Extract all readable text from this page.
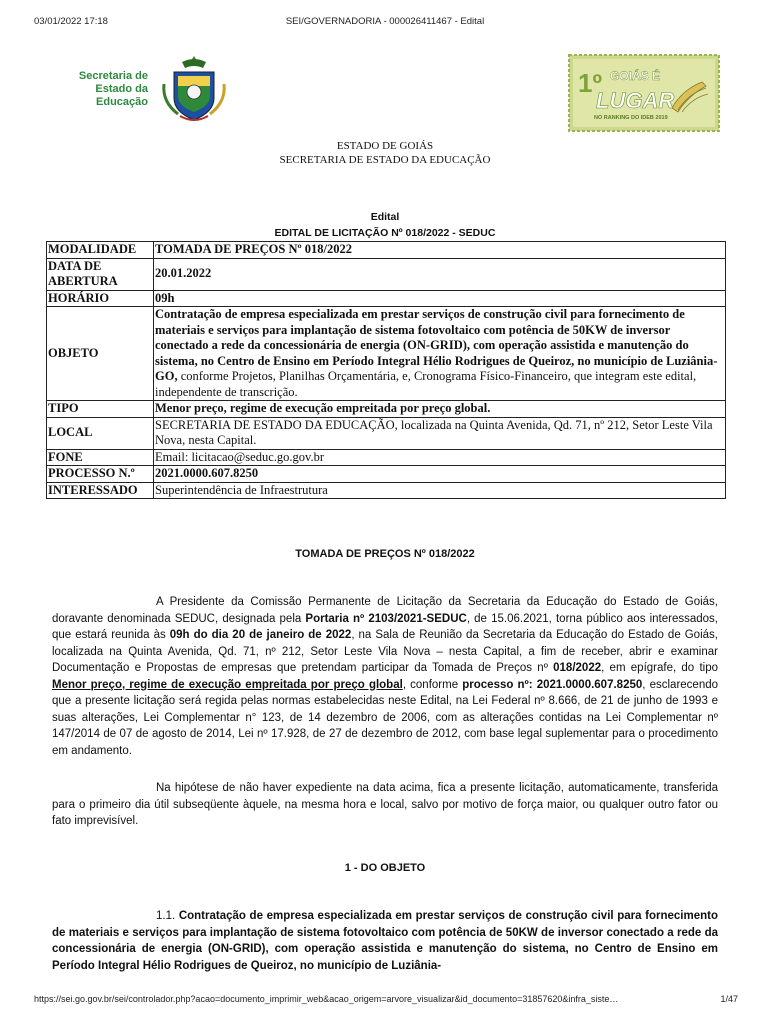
03/01/2022 17:18	SEI/GOVERNADORIA - 000026411467 - Edital
Secretaria de
Estado da
Educação
1º GOIÁS É
LUGAR
NO RANKING DO IDEB 2019
ESTADO DE GOIÁS
SECRETARIA DE ESTADO DA EDUCAÇÃO
Edital
EDITAL DE LICITAÇÃO Nº 018/2022 - SEDUC
MODALIDADE	TOMADA DE PREÇOS Nº 018/2022
DATA DE ABERTURA	20.01.2022
HORÁRIO	09h
OBJETO	Contratação de empresa especializada em prestar serviços de construção civil para fornecimento de materiais e serviços para implantação de sistema fotovoltaico com potência de 50KW de inversor conectado a rede da concessionária de energia (ON-GRID), com operação assistida e manutenção do sistema, no Centro de Ensino em Período Integral Hélio Rodrigues de Queiroz, no município de Luziânia-GO, conforme Projetos, Planilhas Orçamentária, e, Cronograma Físico-Financeiro, que integram este edital, independente de transcrição.
TIPO	Menor preço, regime de execução empreitada por preço global.
LOCAL	SECRETARIA DE ESTADO DA EDUCAÇÃO, localizada na Quinta Avenida, Qd. 71, nº 212, Setor Leste Vila Nova, nesta Capital.
FONE	Email: licitacao@seduc.go.gov.br
PROCESSO N.º	2021.0000.607.8250
INTERESSADO	Superintendência de Infraestrutura
TOMADA DE PREÇOS Nº 018/2022

A Presidente da Comissão Permanente de Licitação da Secretaria da Educação do Estado de Goiás, doravante denominada SEDUC, designada pela Portaria nº 2103/2021-SEDUC, de 15.06.2021, torna público aos interessados, que estará reunida às 09h do dia 20 de janeiro de 2022, na Sala de Reunião da Secretaria da Educação do Estado de Goiás, localizada na Quinta Avenida, Qd. 71, nº 212, Setor Leste Vila Nova – nesta Capital, a fim de receber, abrir e examinar Documentação e Propostas de empresas que pretendam participar da Tomada de Preços nº 018/2022, em epígrafe, do tipo Menor preço, regime de execução empreitada por preço global, conforme processo nº: 2021.0000.607.8250, esclarecendo que a presente licitação será regida pelas normas estabelecidas neste Edital, na Lei Federal nº 8.666, de 21 de junho de 1993 e suas alterações, Lei Complementar n° 123, de 14 dezembro de 2006, com as alterações contidas na Lei Complementar nº 147/2014 de 07 de agosto de 2014, Lei nº 17.928, de 27 de dezembro de 2012, com base legal suplementar para o procedimento em andamento.

Na hipótese de não haver expediente na data acima, fica a presente licitação, automaticamente, transferida para o primeiro dia útil subseqüente àquele, na mesma hora e local, salvo por motivo de força maior, ou qualquer outro fator ou fato imprevisível.

1 - DO OBJETO

1.1. Contratação de empresa especializada em prestar serviços de construção civil para fornecimento de materiais e serviços para implantação de sistema fotovoltaico com potência de 50KW de inversor conectado a rede da concessionária de energia (ON-GRID), com operação assistida e manutenção do sistema, no Centro de Ensino em Período Integral Hélio Rodrigues de Queiroz, no município de Luziânia-

https://sei.go.gov.br/sei/controlador.php?acao=documento_imprimir_web&acao_origem=arvore_visualizar&id_documento=31857620&infra_siste…	1/47
